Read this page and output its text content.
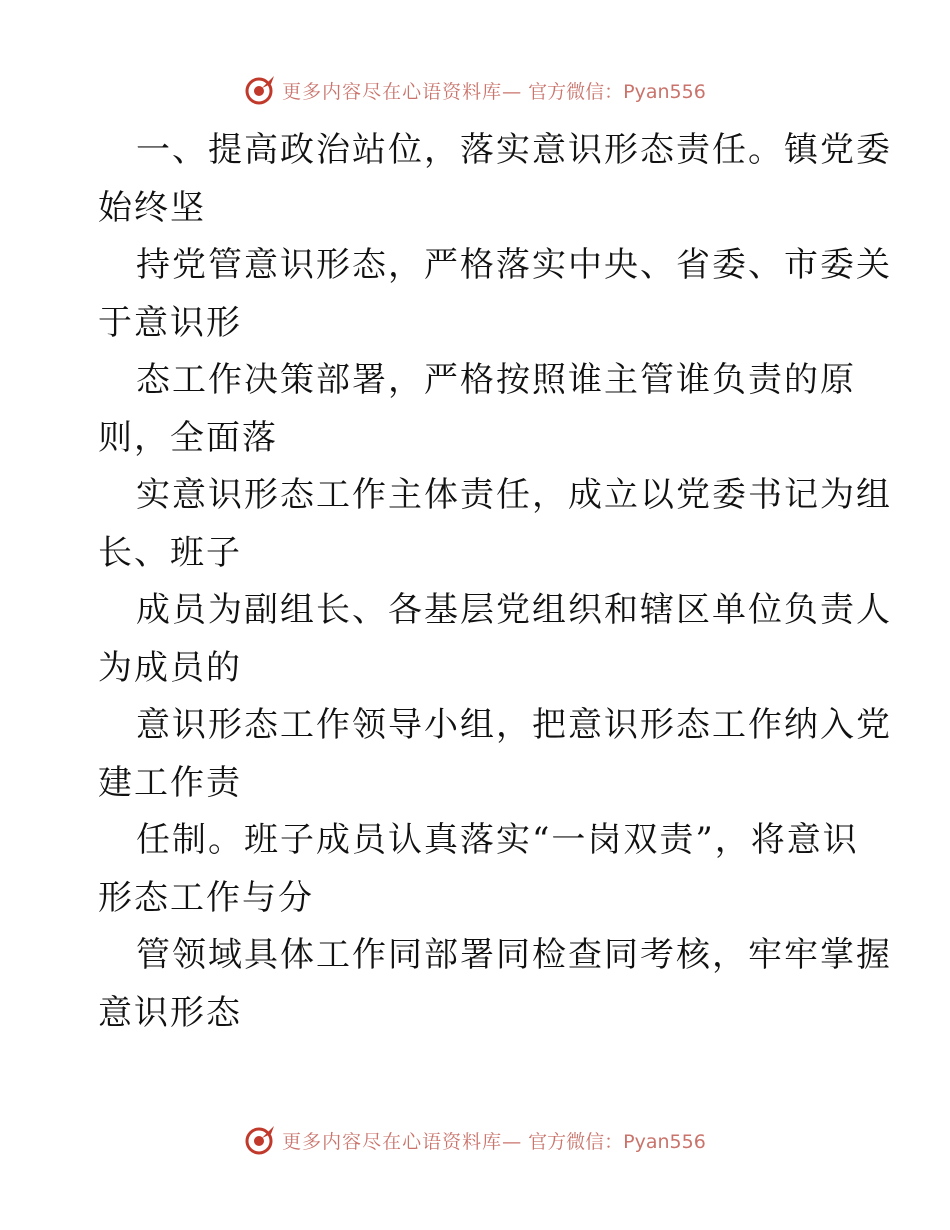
更多内容尽在心语资料库— 官方微信：Pyan556
一、提高政治站位，落实意识形态责任。镇党委
始终坚
持党管意识形态，严格落实中央、省委、市委关
于意识形
态工作决策部署，严格按照谁主管谁负责的原
则，全面落
实意识形态工作主体责任，成立以党委书记为组
长、班子
成员为副组长、各基层党组织和辖区单位负责人
为成员的
意识形态工作领导小组，把意识形态工作纳入党
建工作责
任制。班子成员认真落实“一岗双责”，将意识
形态工作与分
管领域具体工作同部署同检查同考核，牢牢掌握
意识形态
更多内容尽在心语资料库— 官方微信：Pyan556
